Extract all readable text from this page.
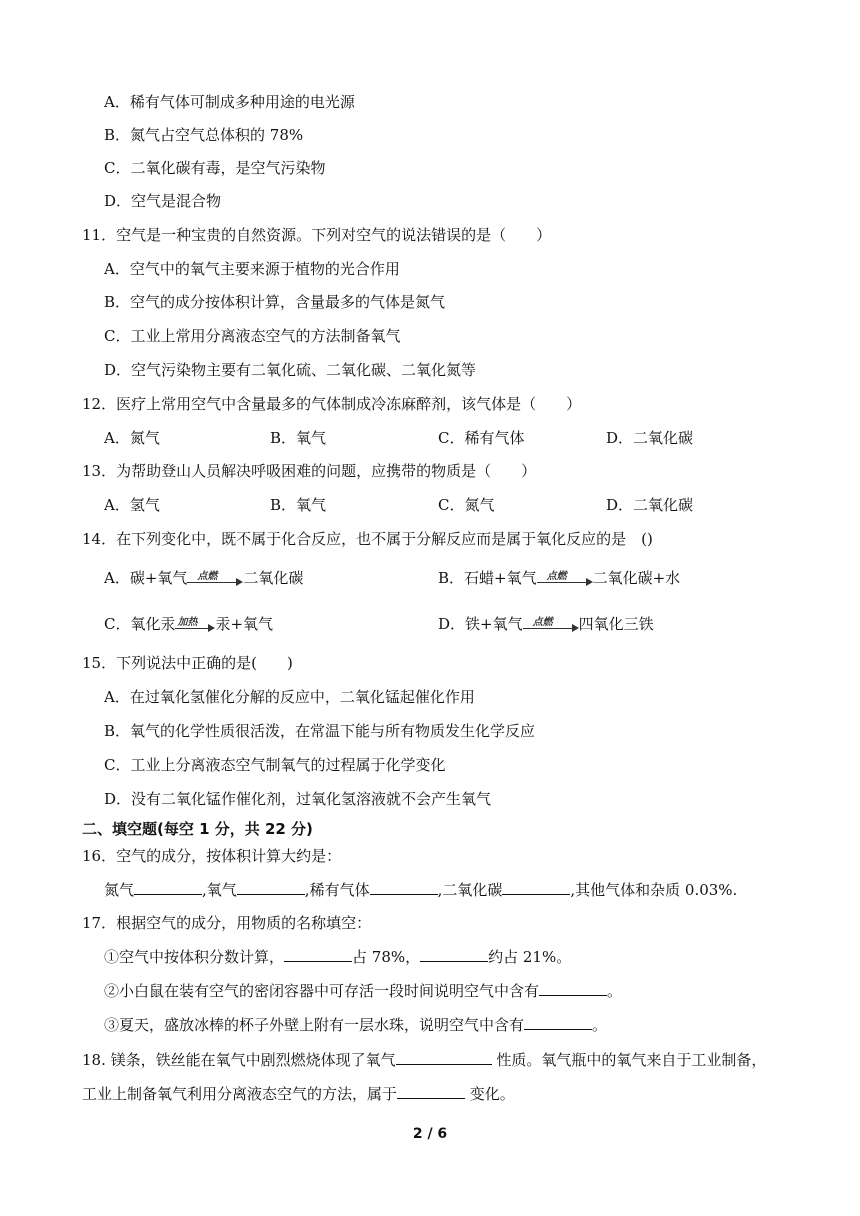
A．稀有气体可制成多种用途的电光源
B．氮气占空气总体积的 78%
C．二氧化碳有毒，是空气污染物
D．空气是混合物
11．空气是一种宝贵的自然资源。下列对空气的说法错误的是（　　）
A．空气中的氧气主要来源于植物的光合作用
B．空气的成分按体积计算，含量最多的气体是氮气
C．工业上常用分离液态空气的方法制备氧气
D．空气污染物主要有二氧化硫、二氧化碳、二氧化氮等
12．医疗上常用空气中含量最多的气体制成冷冻麻醉剂，该气体是（　　）
A．氮气	B．氧气	C．稀有气体	D．二氧化碳
13．为帮助登山人员解决呼吸困难的问题，应携带的物质是（　　）
A．氢气	B．氧气	C．氮气	D．二氧化碳
14．在下列变化中，既不属于化合反应，也不属于分解反应而是属于氧化反应的是　()
A．碳+氧气 点燃 二氧化碳	B．石蜡+氧气 点燃 二氧化碳+水
C．氧化汞 加热 汞+氧气	D．铁+氧气 点燃 四氧化三铁
15．下列说法中正确的是(　　)
A．在过氧化氢催化分解的反应中，二氧化锰起催化作用
B．氧气的化学性质很活泼，在常温下能与所有物质发生化学反应
C．工业上分离液态空气制氧气的过程属于化学变化
D．没有二氧化锰作催化剂，过氧化氢溶液就不会产生氧气
二、填空题(每空 1 分，共 22 分)
16．空气的成分，按体积计算大约是：
氮气	,氧气	,稀有气体	,二氧化碳	,其他气体和杂质 0.03%.
17．根据空气的成分，用物质的名称填空：
①空气中按体积分数计算，	占 78%，	约占 21%。
②小白鼠在装有空气的密闭容器中可存活一段时间说明空气中含有	。
③夏天，盛放冰棒的杯子外壁上附有一层水珠，说明空气中含有	。
18. 镁条，铁丝能在氧气中剧烈燃烧体现了氧气	性质。氧气瓶中的氧气来自于工业制备，
工业上制备氧气利用分离液态空气的方法，属于	变化。
2 / 6
